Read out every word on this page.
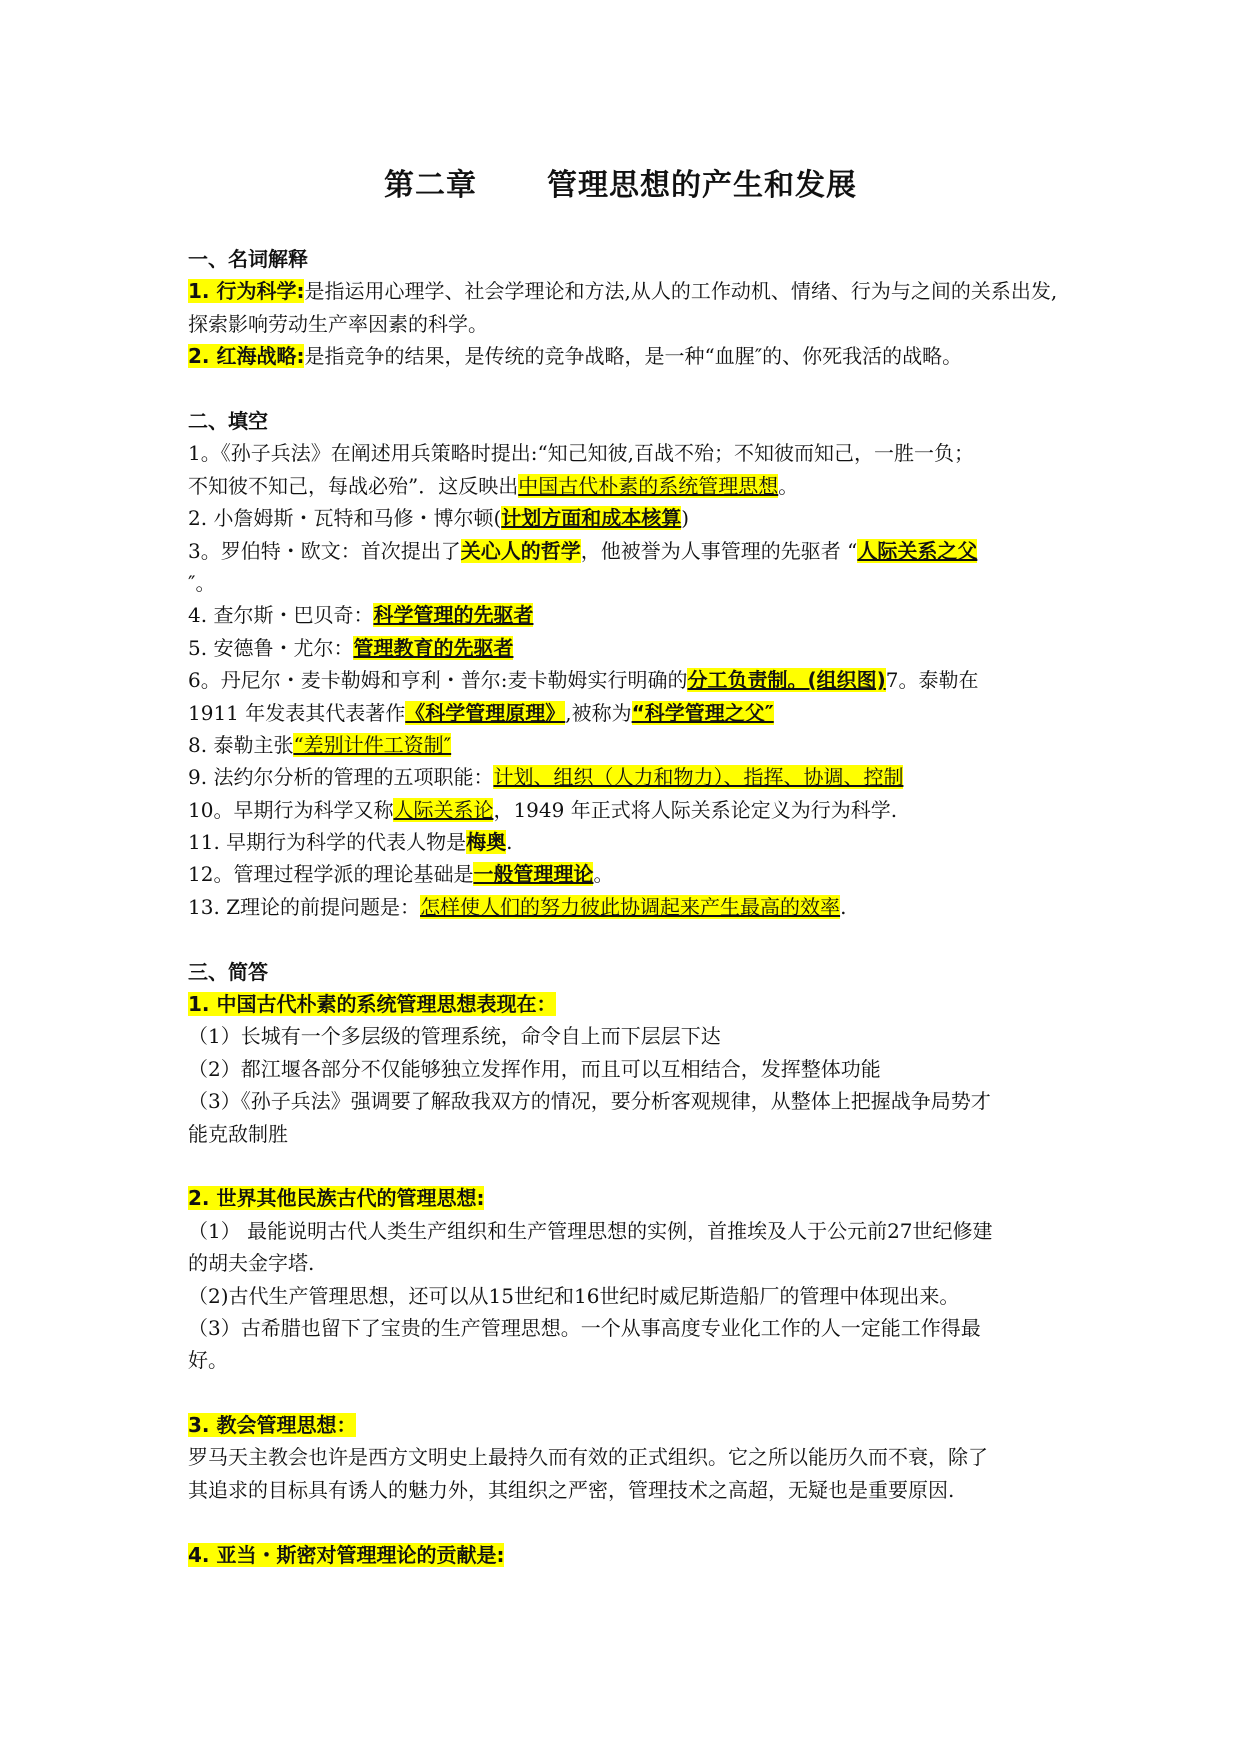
第二章 管理思想的产生和发展
一、名词解释
1. 行为科学:是指运用心理学、社会学理论和方法,从人的工作动机、情绪、行为与之间的关系出发,探索影响劳动生产率因素的科学。
2. 红海战略:是指竞争的结果，是传统的竞争战略，是一种“血腥″的、你死我活的战略。
二、填空
1。《孙子兵法》在阐述用兵策略时提出:“知己知彼,百战不殆；不知彼而知己，一胜一负；
不知彼不知己，每战必殆”．这反映出中国古代朴素的系统管理思想。
2. 小詹姆斯・瓦特和马修・博尔顿(计划方面和成本核算)
3。罗伯特・欧文：首次提出了关心人的哲学，他被誉为人事管理的先驱者 “人际关系之父
″。
4. 查尔斯・巴贝奇：科学管理的先驱者
5. 安德鲁・尤尔：管理教育的先驱者
6。丹尼尔・麦卡勒姆和亨利・普尔:麦卡勒姆实行明确的分工负责制。(组织图)7。泰勒在
1911 年发表其代表著作《科学管理原理》,被称为“科学管理之父″
8. 泰勒主张“差别计件工资制″
9. 法约尔分析的管理的五项职能：计划、组织（人力和物力）、指挥、协调、控制
10。早期行为科学又称人际关系论，1949 年正式将人际关系论定义为行为科学.
11. 早期行为科学的代表人物是梅奥.
12。管理过程学派的理论基础是一般管理理论。
13. Z理论的前提问题是：怎样使人们的努力彼此协调起来产生最高的效率.
三、简答
1. 中国古代朴素的系统管理思想表现在：
（1）长城有一个多层级的管理系统，命令自上而下层层下达
（2）都江堰各部分不仅能够独立发挥作用，而且可以互相结合，发挥整体功能
（3）《孙子兵法》强调要了解敌我双方的情况，要分析客观规律，从整体上把握战争局势才
能克敌制胜
2. 世界其他民族古代的管理思想:
（1） 最能说明古代人类生产组织和生产管理思想的实例，首推埃及人于公元前27世纪修建
的胡夫金字塔.
（2)古代生产管理思想，还可以从15世纪和16世纪时威尼斯造船厂的管理中体现出来。
（3）古希腊也留下了宝贵的生产管理思想。一个从事高度专业化工作的人一定能工作得最
好。
3. 教会管理思想：
罗马天主教会也许是西方文明史上最持久而有效的正式组织。它之所以能历久而不衰，除了
其追求的目标具有诱人的魅力外，其组织之严密，管理技术之高超，无疑也是重要原因.
4. 亚当・斯密对管理理论的贡献是:
